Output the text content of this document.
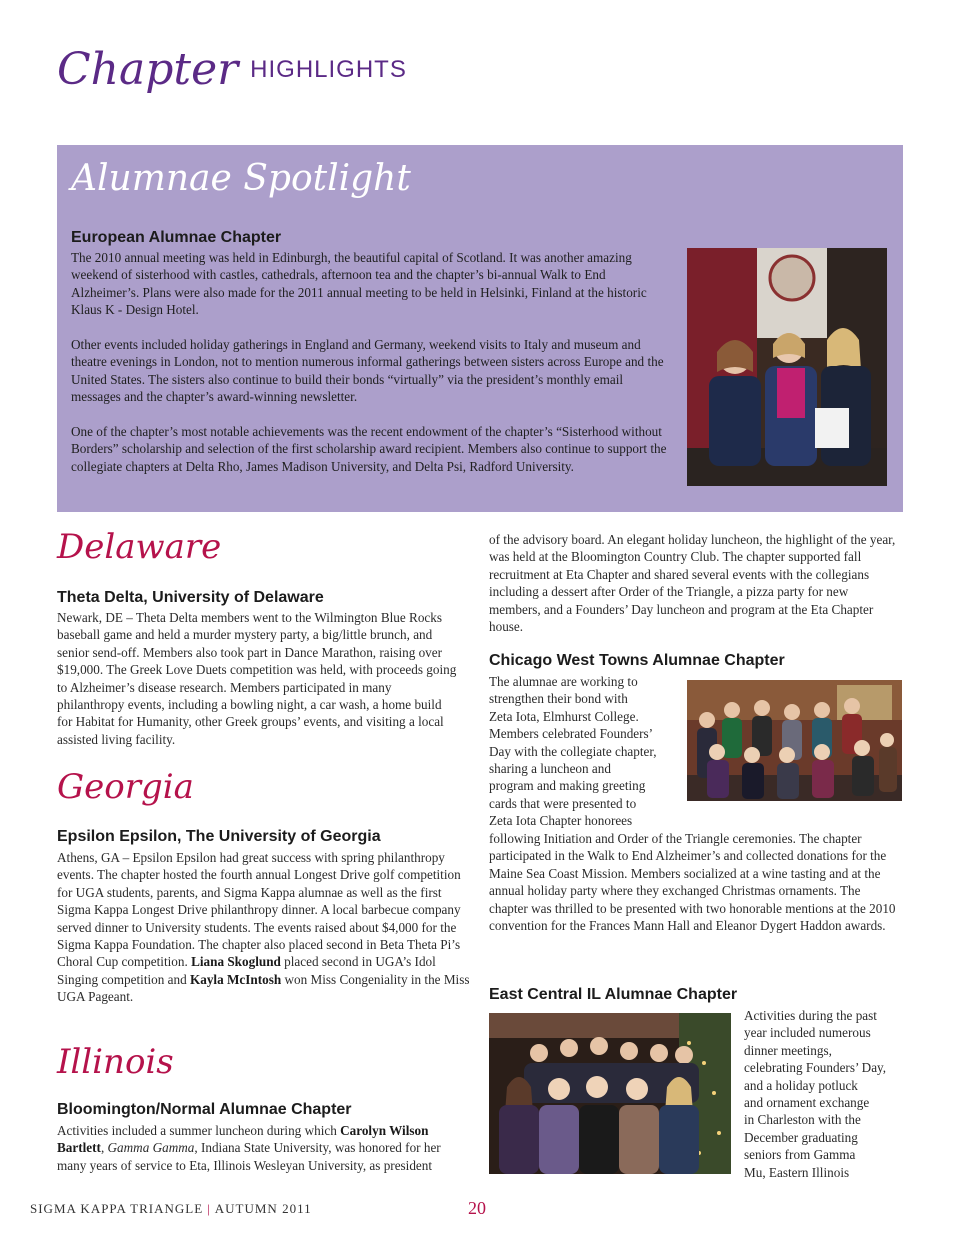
Chapter HIGHLIGHTS
Alumnae Spotlight
European Alumnae Chapter

The 2010 annual meeting was held in Edinburgh, the beautiful capital of Scotland. It was another amazing weekend of sisterhood with castles, cathedrals, afternoon tea and the chapter’s bi-annual Walk to End Alzheimer’s. Plans were also made for the 2011 annual meeting to be held in Helsinki, Finland at the historic Klaus K - Design Hotel.

Other events included holiday gatherings in England and Germany, weekend visits to Italy and museum and theatre evenings in London, not to mention numerous informal gatherings between sisters across Europe and the United States. The sisters also continue to build their bonds “virtually” via the president’s monthly email messages and the chapter’s award-winning newsletter.

One of the chapter’s most notable achievements was the recent endowment of the chapter’s “Sisterhood without Borders” scholarship and selection of the first scholarship award recipient. Members also continue to support the collegiate chapters at Delta Rho, James Madison University, and Delta Psi, Radford University.

Delaware
Theta Delta, University of Delaware

Newark, DE – Theta Delta members went to the Wilmington Blue Rocks baseball game and held a murder mystery party, a big/little brunch, and senior send-off. Members also took part in Dance Marathon, raising over $19,000. The Greek Love Duets competition was held, with proceeds going to Alzheimer’s disease research. Members participated in many philanthropy events, including a bowling night, a car wash, a home build for Habitat for Humanity, other Greek groups’ events, and visiting a local assisted living facility.

Georgia
Epsilon Epsilon, The University of Georgia

Athens, GA – Epsilon Epsilon had great success with spring philanthropy events. The chapter hosted the fourth annual Longest Drive golf competition for UGA students, parents, and Sigma Kappa alumnae as well as the first Sigma Kappa Longest Drive philanthropy dinner. A local barbecue company served dinner to University students. The events raised about $4,000 for the Sigma Kappa Foundation. The chapter also placed second in Beta Theta Pi’s Choral Cup competition. Liana Skoglund placed second in UGA’s Idol Singing competition and Kayla McIntosh won Miss Congeniality in the Miss UGA Pageant.

Illinois
Bloomington/Normal Alumnae Chapter

Activities included a summer luncheon during which Carolyn Wilson Bartlett, Gamma Gamma, Indiana State University, was honored for her many years of service to Eta, Illinois Wesleyan University, as president

of the advisory board. An elegant holiday luncheon, the highlight of the year, was held at the Bloomington Country Club. The chapter supported fall recruitment at Eta Chapter and shared several events with the collegians including a dessert after Order of the Triangle, a pizza party for new members, and a Founders’ Day luncheon and program at the Eta Chapter house.

Chicago West Towns Alumnae Chapter

The alumnae are working to

strengthen their bond with

Zeta Iota, Elmhurst College.

Members celebrated Founders’

Day with the collegiate chapter,

sharing a luncheon and

program and making greeting

cards that were presented to

Zeta Iota Chapter honorees

following Initiation and Order of the Triangle ceremonies. The chapter participated in the Walk to End Alzheimer’s and collected donations for the Maine Sea Coast Mission. Members socialized at a wine tasting and at the annual holiday party where they exchanged Christmas ornaments. The chapter was thrilled to be presented with two honorable mentions at the 2010 convention for the Frances Mann Hall and Eleanor Dygert Haddon awards.

East Central IL Alumnae Chapter

Activities during the past

year included numerous

dinner meetings,

celebrating Founders’ Day,

and a holiday potluck

and ornament exchange

in Charleston with the

December graduating

seniors from Gamma

Mu, Eastern Illinois

SIGMA KAPPA TRIANGLE | AUTUMN 2011	20
